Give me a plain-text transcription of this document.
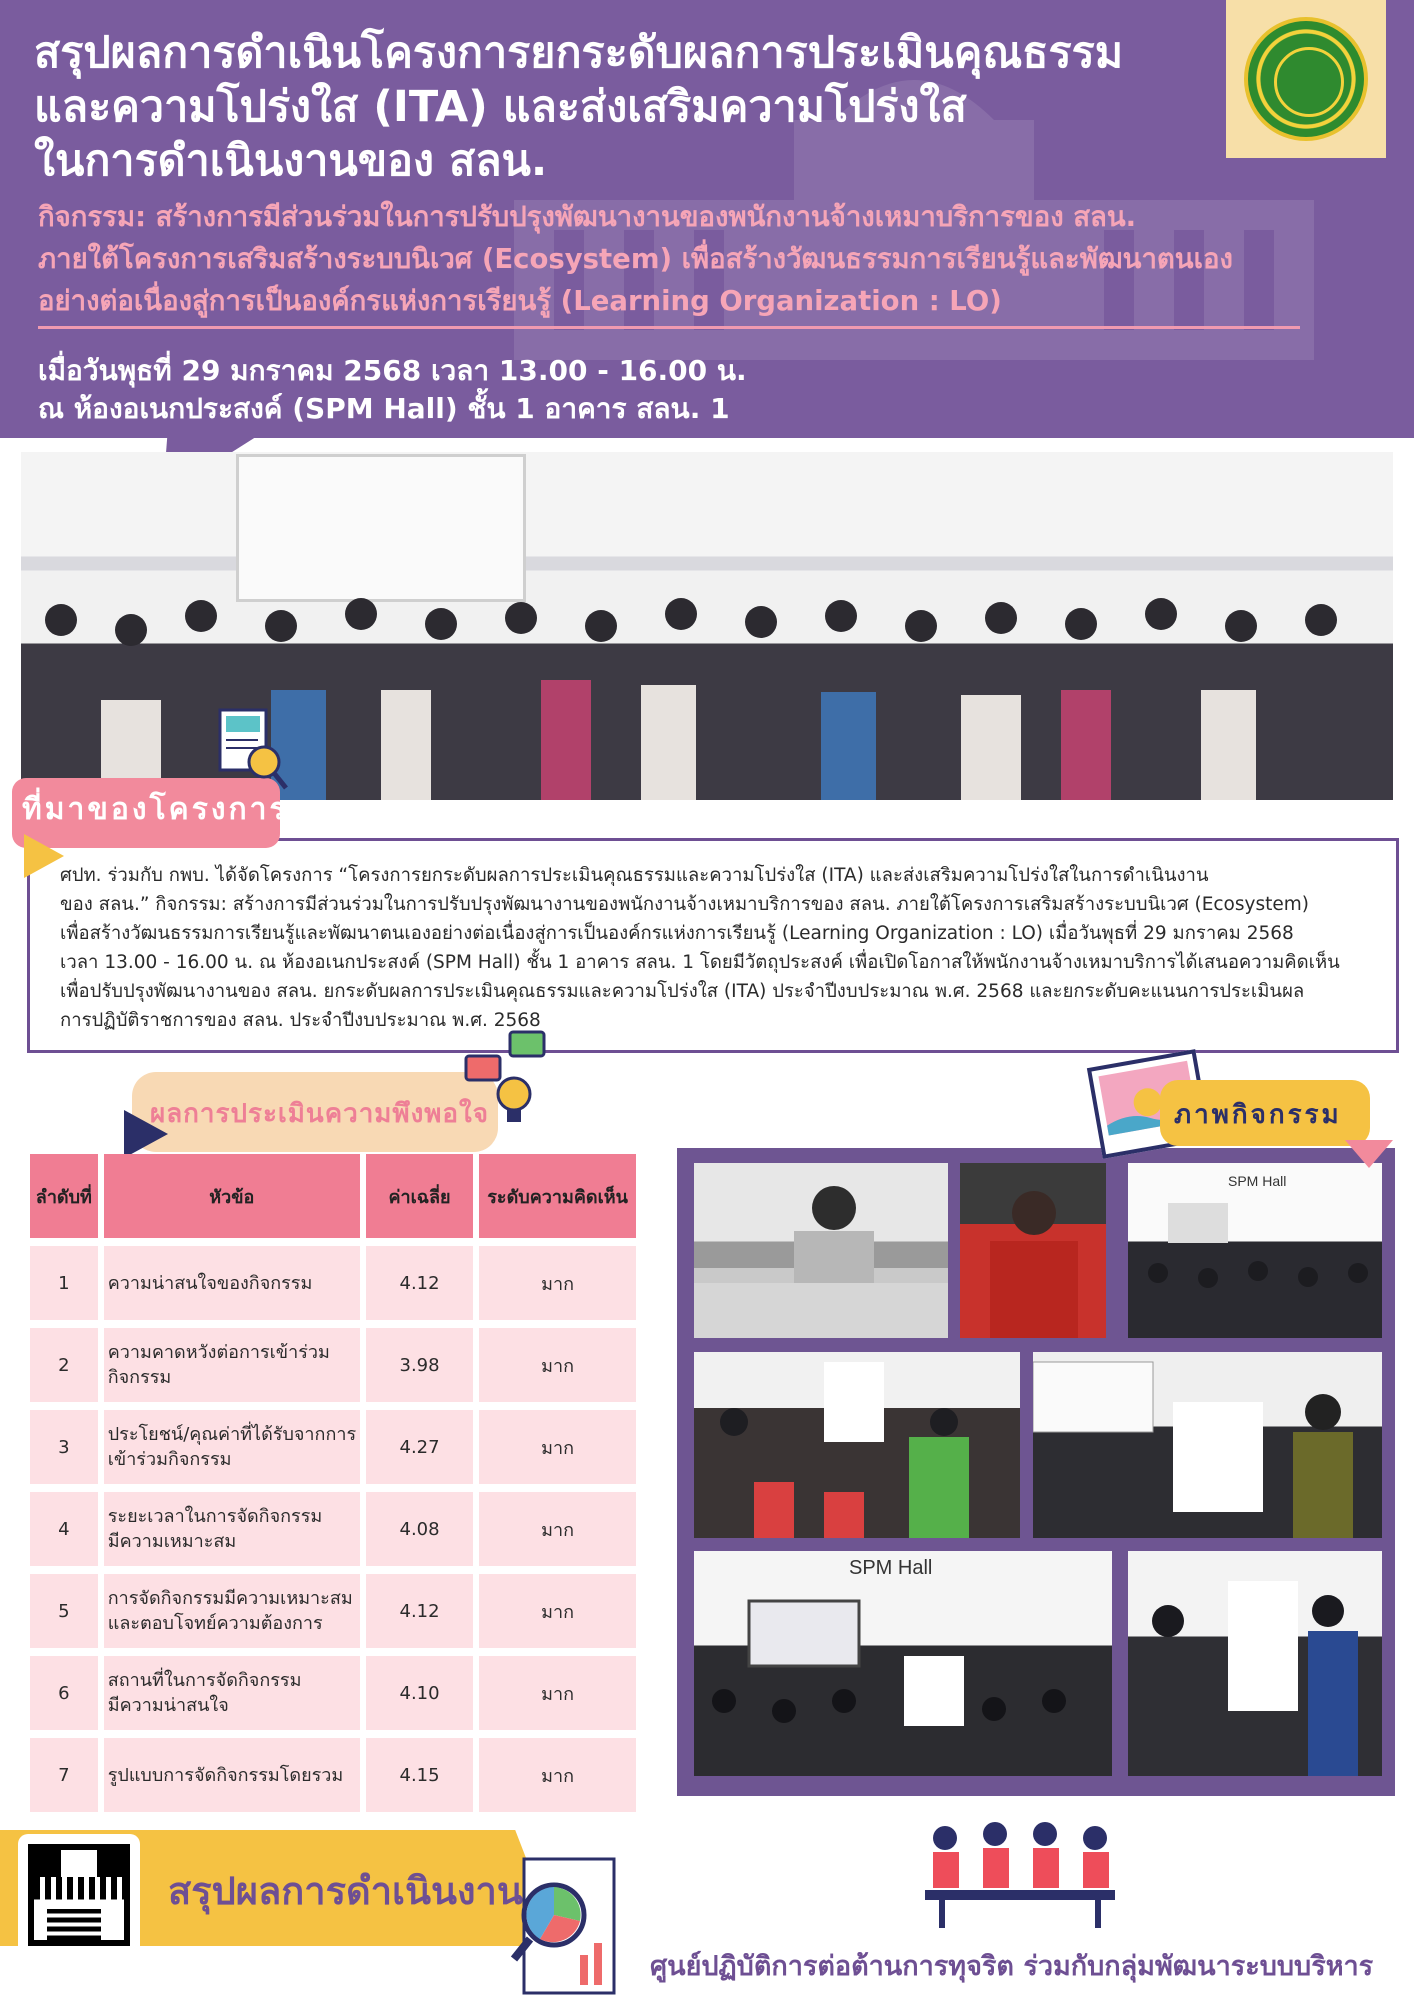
สรุปผลการดำเนินโครงการยกระดับผลการประเมินคุณธรรม
และความโปร่งใส (ITA) และส่งเสริมความโปร่งใส
ในการดำเนินงานของ สลน.
กิจกรรม: สร้างการมีส่วนร่วมในการปรับปรุงพัฒนางานของพนักงานจ้างเหมาบริการของ สลน.
ภายใต้โครงการเสริมสร้างระบบนิเวศ (Ecosystem) เพื่อสร้างวัฒนธรรมการเรียนรู้และพัฒนาตนเอง
อย่างต่อเนื่องสู่การเป็นองค์กรแห่งการเรียนรู้ (Learning Organization : LO)
เมื่อวันพุธที่ 29 มกราคม 2568 เวลา 13.00 - 16.00 น.
ณ ห้องอเนกประสงค์ (SPM Hall) ชั้น 1 อาคาร สลน. 1
ศปท. ร่วมกับ กพบ. ได้จัดโครงการ “โครงการยกระดับผลการประเมินคุณธรรมและความโปร่งใส (ITA) และส่งเสริมความโปร่งใสในการดำเนินงาน
ของ สลน.” กิจกรรม: สร้างการมีส่วนร่วมในการปรับปรุงพัฒนางานของพนักงานจ้างเหมาบริการของ สลน. ภายใต้โครงการเสริมสร้างระบบนิเวศ (Ecosystem)
เพื่อสร้างวัฒนธรรมการเรียนรู้และพัฒนาตนเองอย่างต่อเนื่องสู่การเป็นองค์กรแห่งการเรียนรู้ (Learning Organization : LO) เมื่อวันพุธที่ 29 มกราคม 2568
เวลา 13.00 - 16.00 น. ณ ห้องอเนกประสงค์ (SPM Hall) ชั้น 1 อาคาร สลน. 1 โดยมีวัตถุประสงค์ เพื่อเปิดโอกาสให้พนักงานจ้างเหมาบริการได้เสนอความคิดเห็น
เพื่อปรับปรุงพัฒนางานของ สลน. ยกระดับผลการประเมินคุณธรรมและความโปร่งใส (ITA) ประจำปีงบประมาณ พ.ศ. 2568 และยกระดับคะแนนการประเมินผล
การปฏิบัติราชการของ สลน. ประจำปีงบประมาณ พ.ศ. 2568
ที่มาของโครงการ
ผลการประเมินความพึงพอใจ
ลำดับที่	หัวข้อ	ค่าเฉลี่ย	ระดับความคิดเห็น
1	ความน่าสนใจของกิจกรรม	4.12	มาก
2	ความคาดหวังต่อการเข้าร่วม
กิจกรรม	3.98	มาก
3	ประโยชน์/คุณค่าที่ได้รับจากการ
เข้าร่วมกิจกรรม	4.27	มาก
4	ระยะเวลาในการจัดกิจกรรม
มีความเหมาะสม	4.08	มาก
5	การจัดกิจกรรมมีความเหมาะสม
และตอบโจทย์ความต้องการ	4.12	มาก
6	สถานที่ในการจัดกิจกรรม
มีความน่าสนใจ	4.10	มาก
7	รูปแบบการจัดกิจกรรมโดยรวม	4.15	มาก
SPM Hall
SPM Hall
ภาพกิจกรรม
สรุปผลการดำเนินงาน
ศูนย์ปฏิบัติการต่อต้านการทุจริต ร่วมกับกลุ่มพัฒนาระบบบริหาร
